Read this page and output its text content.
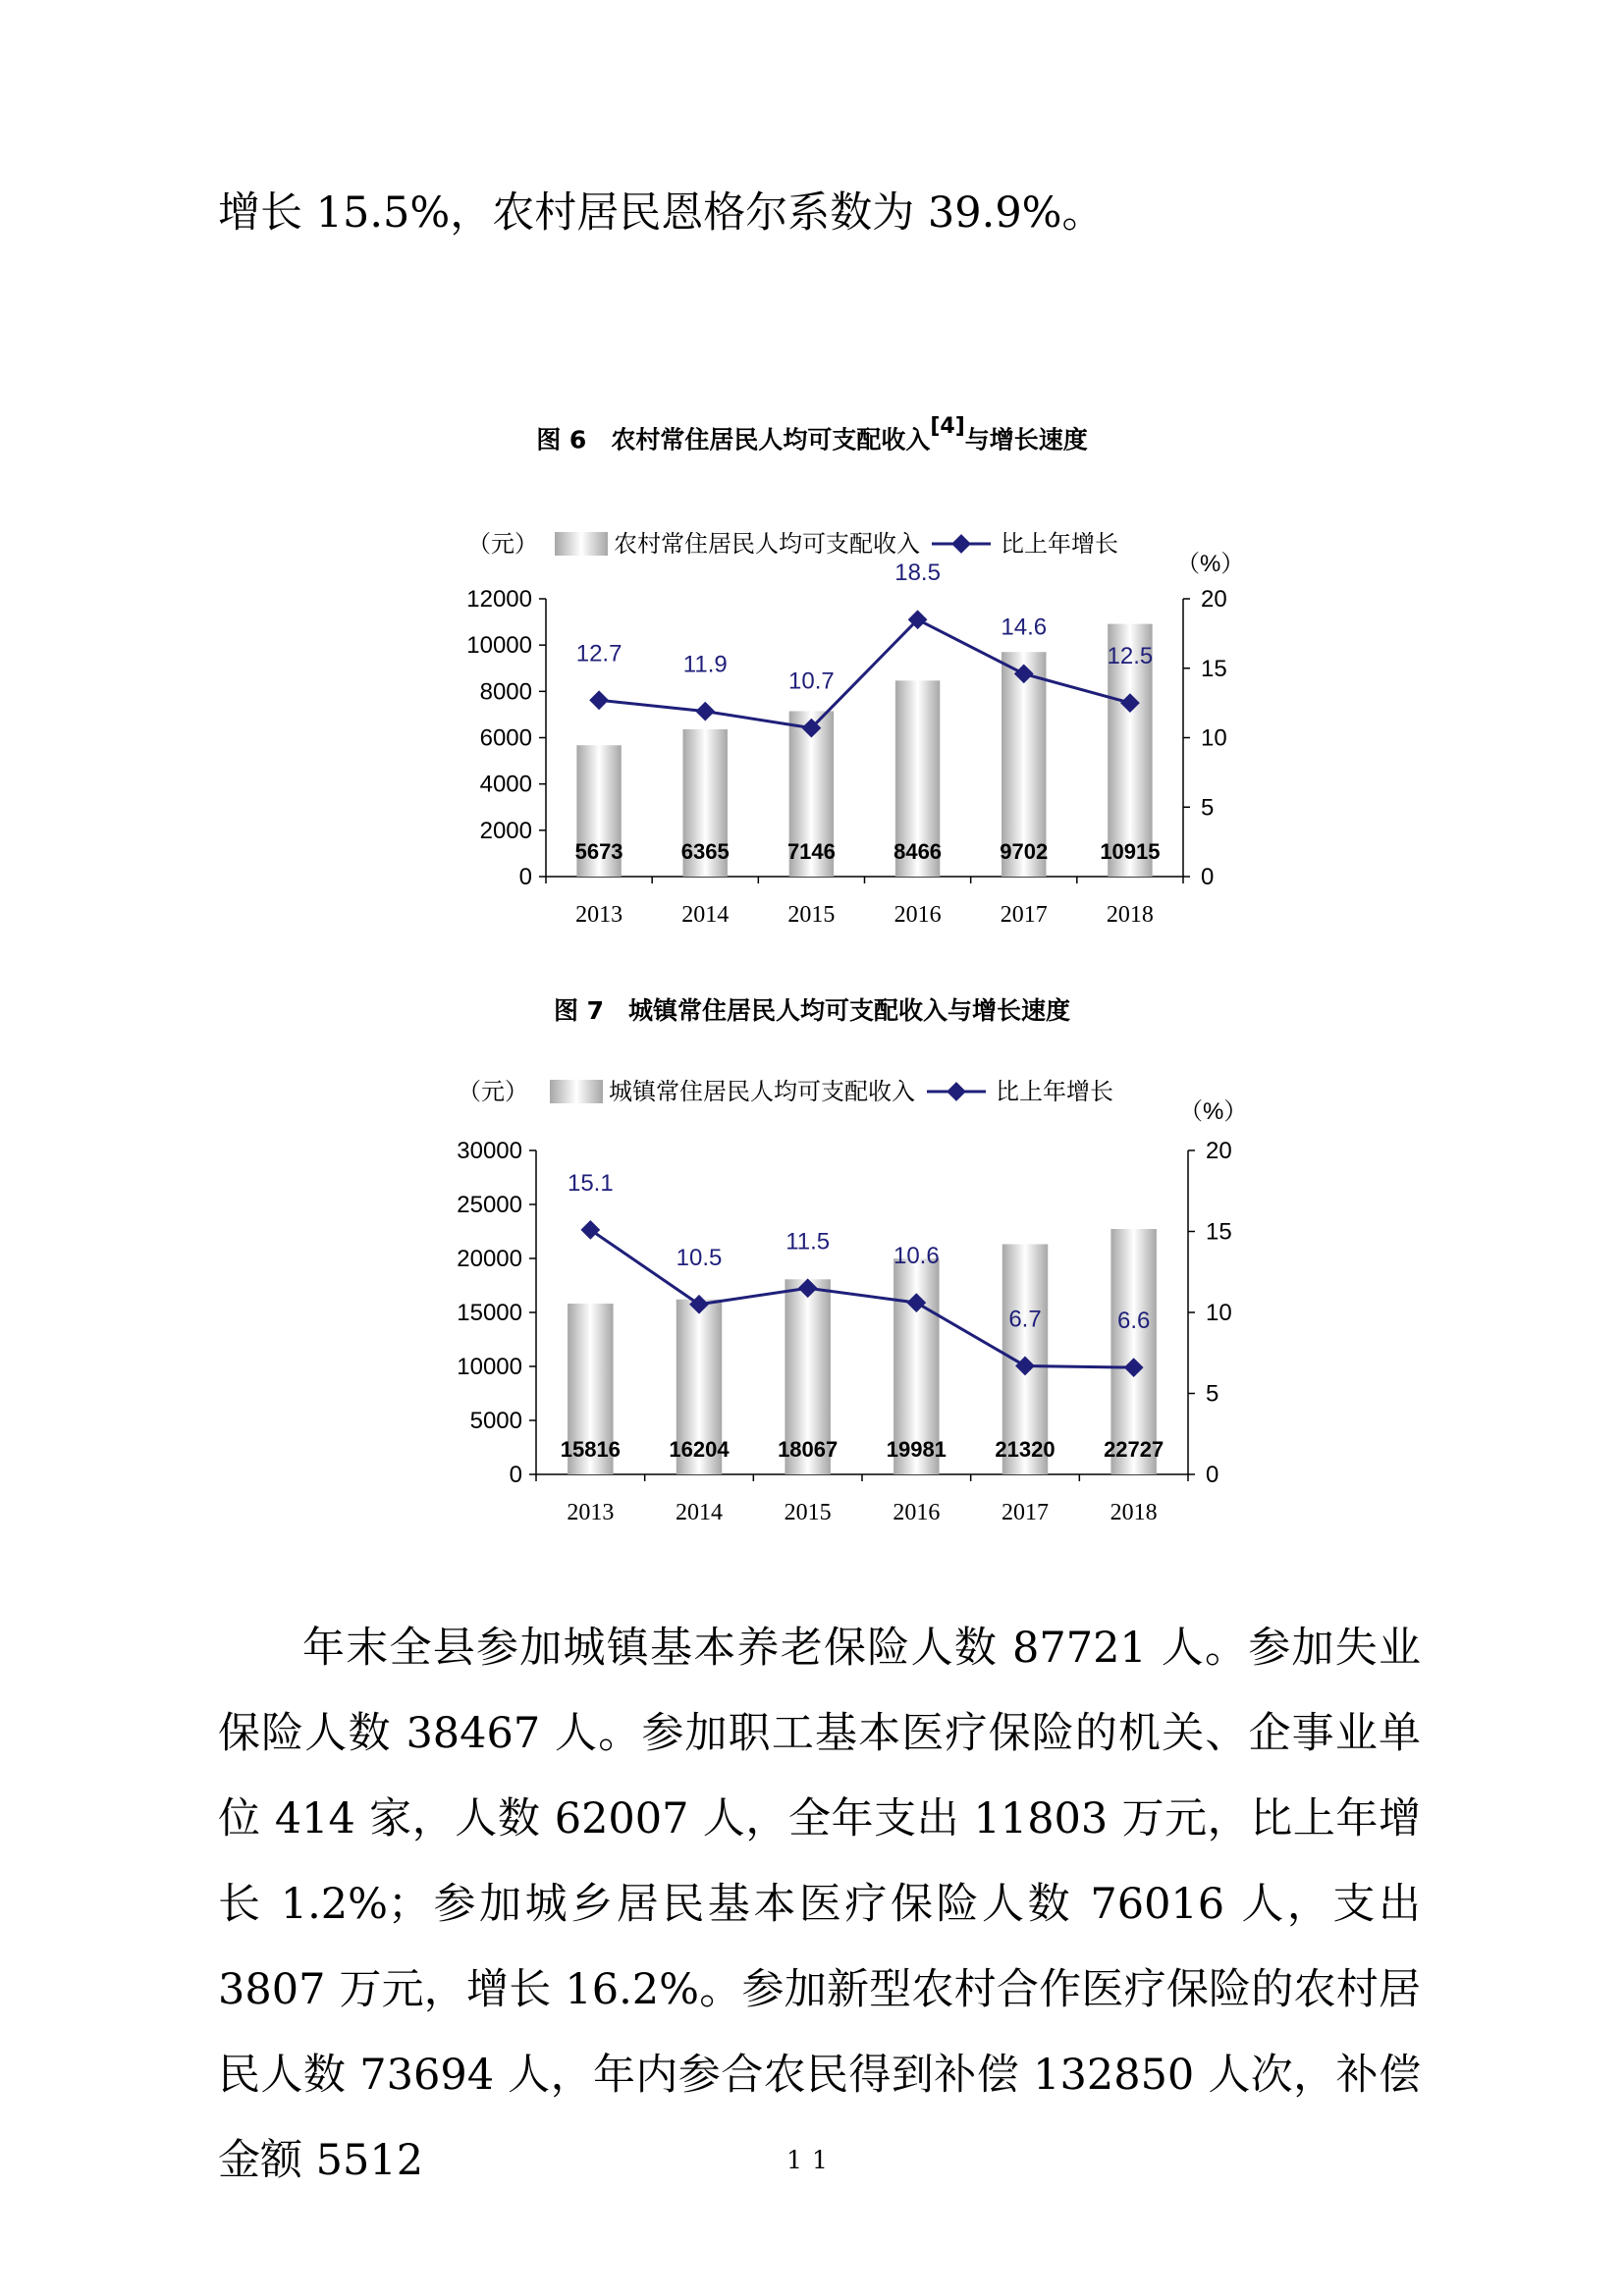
增长 15.5%，农村居民恩格尔系数为 39.9%。

图 6　农村常住居民人均可支配收入[4]与增长速度
农村常住居民人均可支配收入	比上年增长
（元）
（%）
0
2000
4000
6000
8000
10000
12000
0
5
10
15
20
5673
2013
6365
2014
7146
2015
8466
2016
9702
2017
10915
2018
12.7	11.9
10.7
18.5
14.6
12.5
图 7　城镇常住居民人均可支配收入与增长速度
城镇常住居民人均可支配收入	比上年增长
（元）
（%）
0
5000
10000
15000
20000
25000
30000
0
5
10
15
20
15816
2013
16204
2014
18067
2015
19981
2016
21320
2017
22727
2018
15.1
10.5
11.5
10.6
6.7	6.6

年末全县参加城镇基本养老保险人数 87721 人。参加失业保险人数 38467 人。参加职工基本医疗保险的机关、企事业单位 414 家，人数 62007 人，全年支出 11803 万元，比上年增长 1.2%；参加城乡居民基本医疗保险人数 76016 人，支出 3807 万元，增长 16.2%。参加新型农村合作医疗保险的农村居民人数 73694 人，年内参合农民得到补偿 132850 人次，补偿金额 5512	11
